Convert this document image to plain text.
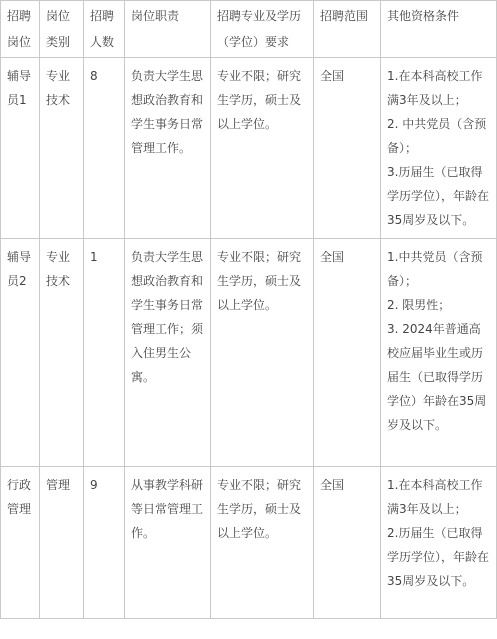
招聘岗位	岗位类别	招聘人数	岗位职责	招聘专业及学历（学位）要求	招聘范围	其他资格条件
辅导员1	专业技术	8	负责大学生思想政治教育和学生事务日常管理工作。	专业不限；研究生学历，硕士及以上学位。	全国	1.在本科高校工作满3年及以上；
2. 中共党员（含预备）；
3.历届生（已取得学历学位），年龄在35周岁及以下。

辅导员2	专业技术	1	负责大学生思想政治教育和学生事务日常管理工作；须入住男生公寓。	专业不限；研究生学历，硕士及以上学位。	全国	1.中共党员（含预备）；
2. 限男性；
3. 2024年普通高校应届毕业生或历届生（已取得学历学位）年龄在35周岁及以下。

行政管理	管理	9	从事教学科研等日常管理工作。	专业不限；研究生学历，硕士及以上学位。	全国	1.在本科高校工作满3年及以上；
2.历届生（已取得学历学位），年龄在35周岁及以下。
